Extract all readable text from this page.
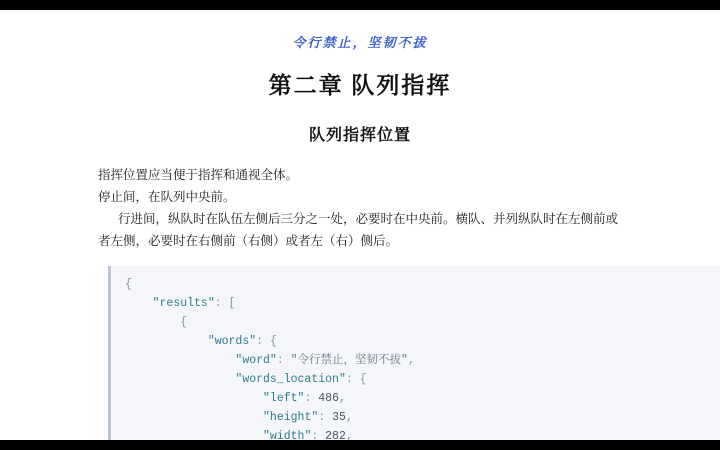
令行禁止，坚韧不拔
第二章 队列指挥
队列指挥位置

指挥位置应当便于指挥和通视全体。

停止间，在队列中央前。

行进间，纵队时在队伍左侧后三分之一处，必要时在中央前。横队、并列纵队时在左侧前或者左侧，必要时在右侧前（右侧）或者左（右）侧后。

{
"results": [
{
"words": {
"word": "令行禁止，坚韧不拔",
"words_location": {
"left": 486,
"height": 35,
"width": 282,
